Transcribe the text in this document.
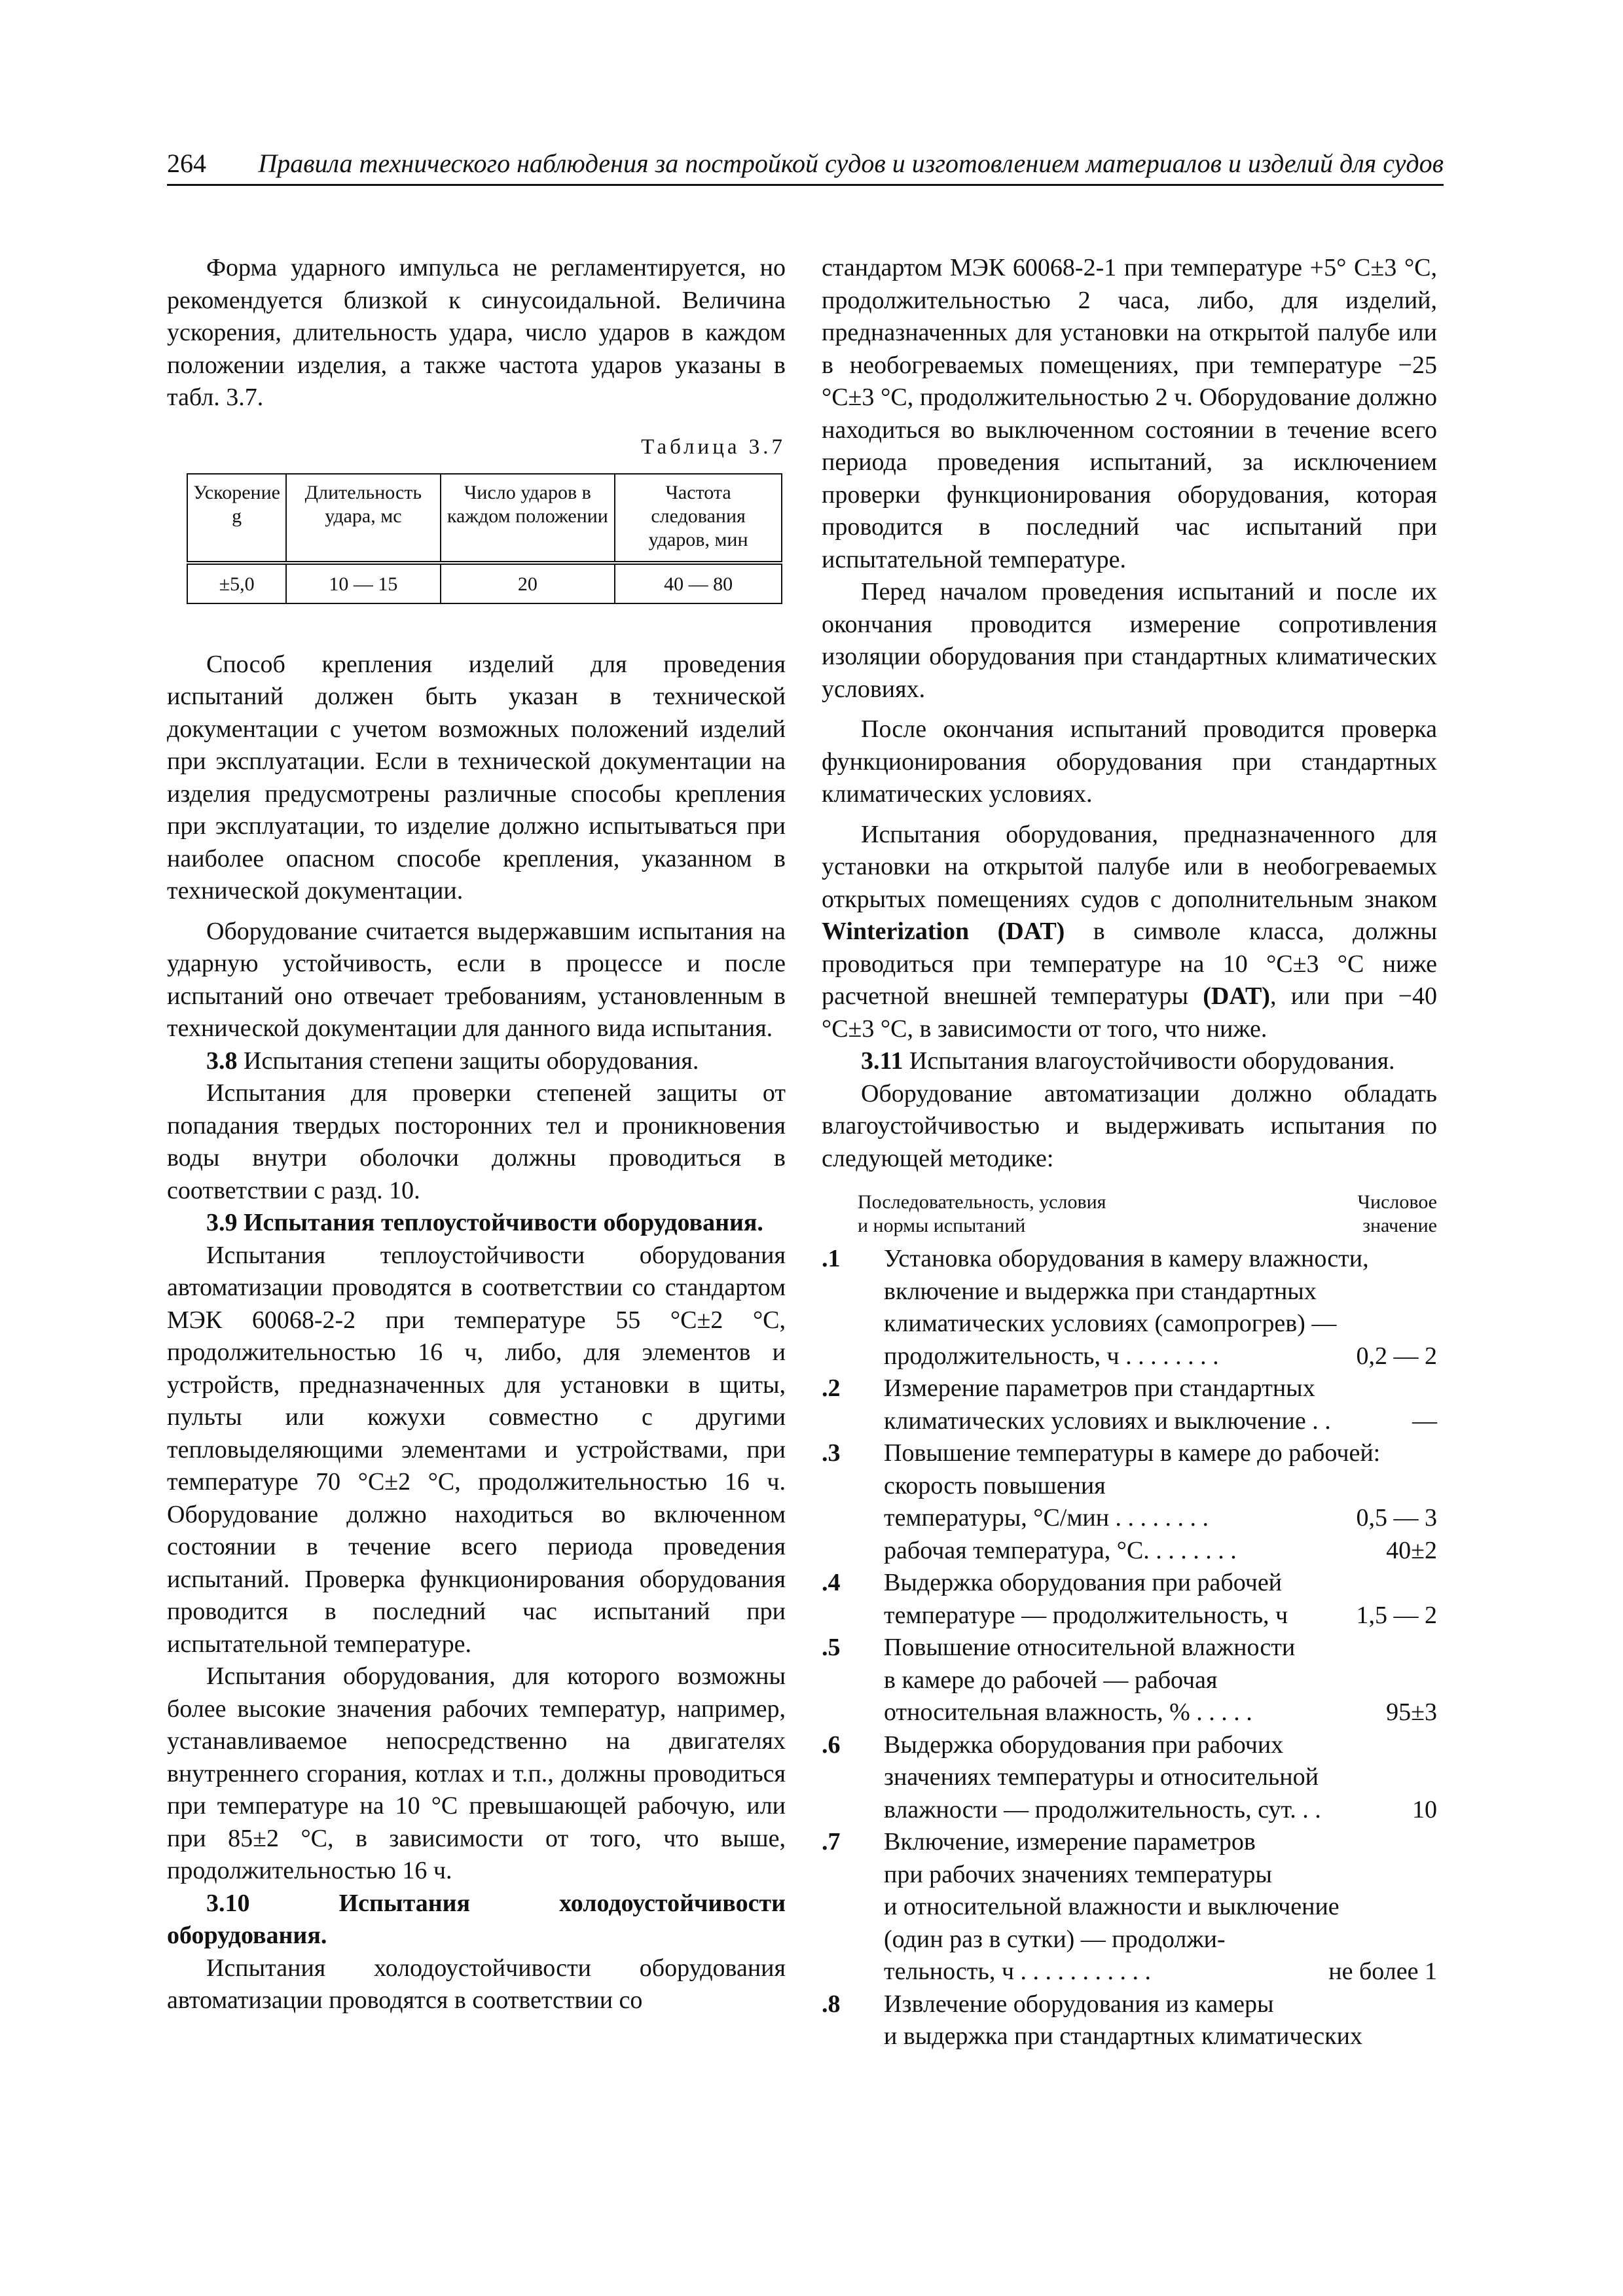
264 Правила технического наблюдения за постройкой судов и изготовлением материалов и изделий для судов

Форма ударного импульса не регламентируется, но рекомендуется близкой к синусоидальной. Величина ускорения, длительность удара, число ударов в каждом положении изделия, а также частота ударов указаны в табл. 3.7.

Таблица 3.7
Ускорение g	Длительность удара, мс	Число ударов в каждом положении	Частота следования ударов, мин
±5,0	10 — 15	20	40 — 80

Способ крепления изделий для проведения испытаний должен быть указан в технической документации с учетом возможных положений изделий при эксплуатации. Если в технической документации на изделия предусмотрены различные способы крепления при эксплуатации, то изделие должно испытываться при наиболее опасном способе крепления, указанном в технической документации.

Оборудование считается выдержавшим испытания на ударную устойчивость, если в процессе и после испытаний оно отвечает требованиям, установленным в технической документации для данного вида испытания.

3.8 Испытания степени защиты оборудования.

Испытания для проверки степеней защиты от попадания твердых посторонних тел и проникновения воды внутри оболочки должны проводиться в соответствии с разд. 10.

3.9 Испытания теплоустойчивости оборудования.

Испытания теплоустойчивости оборудования автоматизации проводятся в соответствии со стандартом МЭК 60068-2-2 при температуре 55 °C±2 °C, продолжительностью 16 ч, либо, для элементов и устройств, предназначенных для установки в щиты, пульты или кожухи совместно с другими тепловыделяющими элементами и устройствами, при температуре 70 °C±2 °C, продолжительностью 16 ч. Оборудование должно находиться во включенном состоянии в течение всего периода проведения испытаний. Проверка функционирования оборудования проводится в последний час испытаний при испытательной температуре.

Испытания оборудования, для которого возможны более высокие значения рабочих температур, например, устанавливаемое непосредственно на двигателях внутреннего сгорания, котлах и т.п., должны проводиться при температуре на 10 °C превышающей рабочую, или при 85±2 °C, в зависимости от того, что выше, продолжительностью 16 ч.

3.10 Испытания холодоустойчивости оборудования.

Испытания холодоустойчивости оборудования автоматизации проводятся в соответствии со

стандартом МЭК 60068-2-1 при температуре +5° C±3 °C, продолжительностью 2 часа, либо, для изделий, предназначенных для установки на открытой палубе или в необогреваемых помещениях, при температуре −25 °C±3 °C, продолжительностью 2 ч. Оборудование должно находиться во выключенном состоянии в течение всего периода проведения испытаний, за исключением проверки функционирования оборудования, которая проводится в последний час испытаний при испытательной температуре.

Перед началом проведения испытаний и после их окончания проводится измерение сопротивления изоляции оборудования при стандартных климатических условиях.

После окончания испытаний проводится проверка функционирования оборудования при стандартных климатических условиях.

Испытания оборудования, предназначенного для установки на открытой палубе или в необогреваемых открытых помещениях судов с дополнительным знаком Winterization (DAT) в символе класса, должны проводиться при температуре на 10 °C±3 °C ниже расчетной внешней температуры (DAT), или при −40 °C±3 °C, в зависимости от того, что ниже.

3.11 Испытания влагоустойчивости оборудования.

Оборудование автоматизации должно обладать влагоустойчивостью и выдерживать испытания по следующей методике:

Последовательность, условия
и нормы испытаний
Числовое
значение
.1 Установка оборудования в камеру влажности,
включение и выдержка при стандартных
климатических условиях (самопрогрев) —
продолжительность, ч . . . . . . . .	0,2 — 2
.2 Измерение параметров при стандартных
климатических условиях и выключение . .	—
.3 Повышение температуры в камере до рабочей:
скорость повышения
температуры, °C/мин . . . . . . . .	0,5 — 3
рабочая температура, °C. . . . . . . .	40±2
.4 Выдержка оборудования при рабочей
температуре — продолжительность, ч	1,5 — 2
.5 Повышение относительной влажности
в камере до рабочей — рабочая
относительная влажность, % . . . . .	95±3
.6 Выдержка оборудования при рабочих
значениях температуры и относительной
влажности — продолжительность, сут. . .	10
.7 Включение, измерение параметров
при рабочих значениях температуры
и относительной влажности и выключение
(один раз в сутки) — продолжи-
тельность, ч . . . . . . . . . . .	не более 1
.8 Извлечение оборудования из камеры
и выдержка при стандартных климатических
